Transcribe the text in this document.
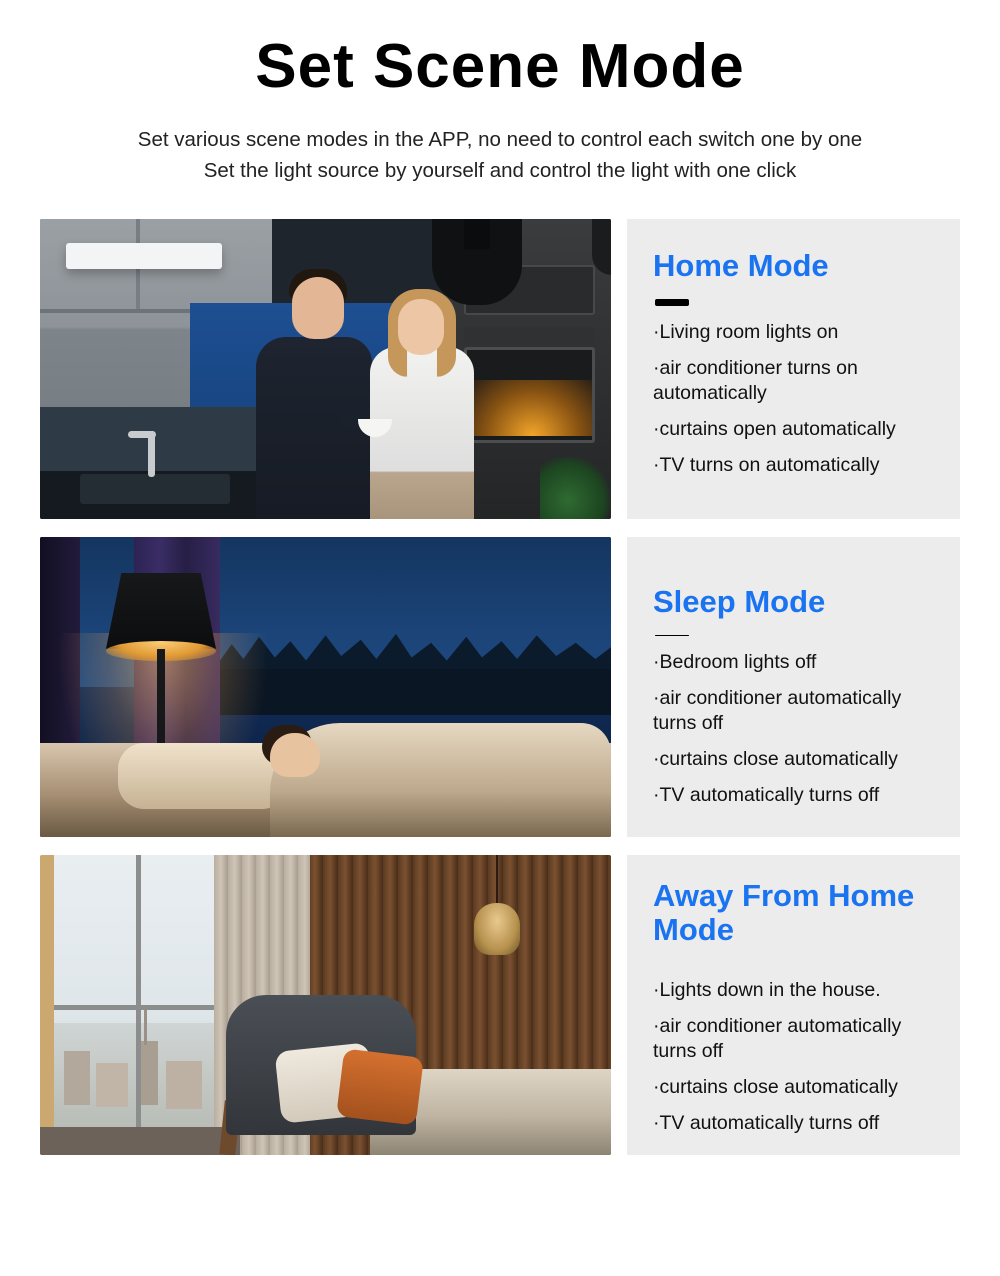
Set Scene Mode
Set various scene modes in the APP, no need to control each switch one by one
Set the light source by yourself and control the light with one click
Home Mode
·Living room lights on
·air conditioner turns on automatically
·curtains open automatically
·TV turns on automatically
Sleep Mode
·Bedroom lights off
·air conditioner automatically turns off
·curtains close automatically
·TV automatically turns off
Away From Home Mode
·Lights down in the house.
·air conditioner automatically turns off
·curtains close automatically
·TV automatically turns off
